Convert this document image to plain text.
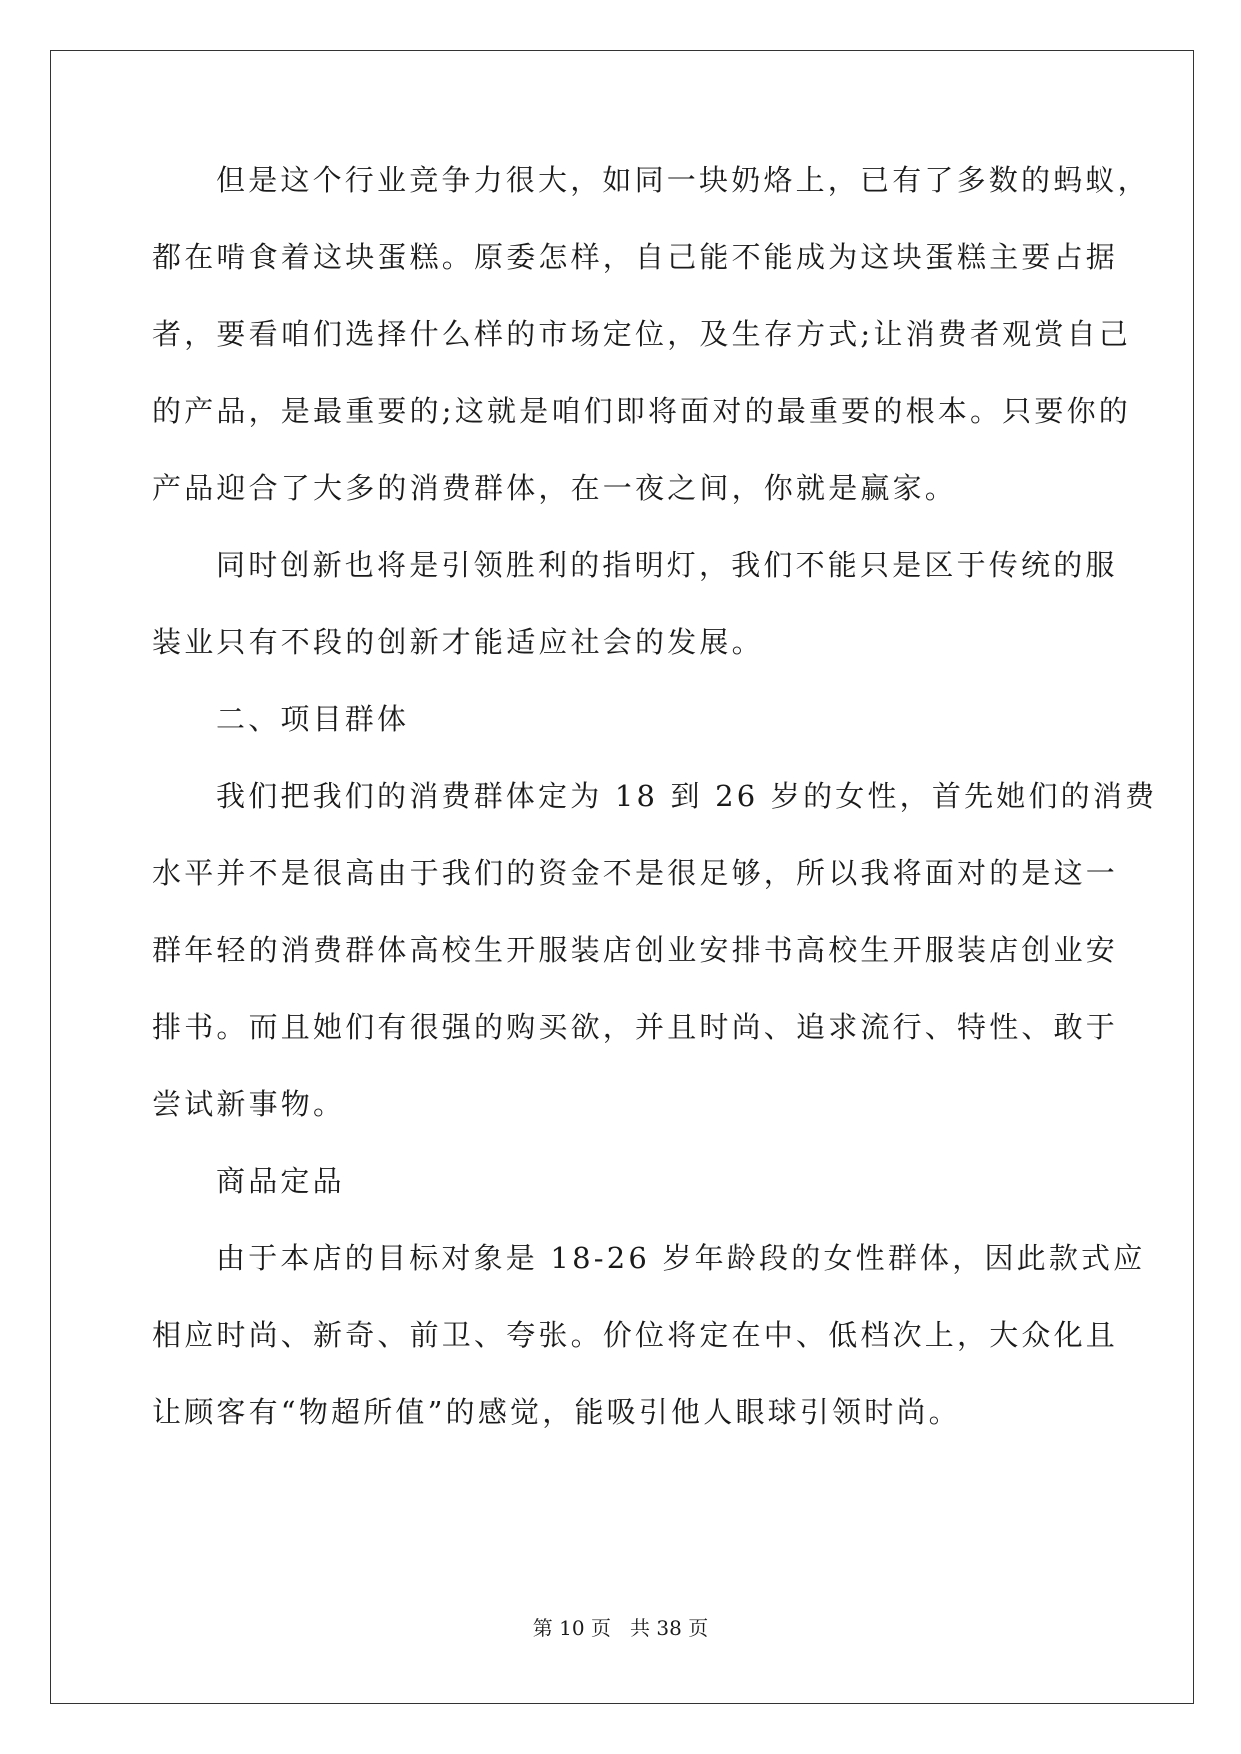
但是这个行业竞争力很大，如同一块奶烙上，已有了多数的蚂蚁，
都在啃食着这块蛋糕。原委怎样，自己能不能成为这块蛋糕主要占据
者，要看咱们选择什么样的市场定位，及生存方式;让消费者观赏自己
的产品，是最重要的;这就是咱们即将面对的最重要的根本。只要你的
产品迎合了大多的消费群体，在一夜之间，你就是赢家。
同时创新也将是引领胜利的指明灯，我们不能只是区于传统的服
装业只有不段的创新才能适应社会的发展。
二、项目群体
我们把我们的消费群体定为 18 到 26 岁的女性，首先她们的消费
水平并不是很高由于我们的资金不是很足够，所以我将面对的是这一
群年轻的消费群体高校生开服装店创业安排书高校生开服装店创业安
排书。而且她们有很强的购买欲，并且时尚、追求流行、特性、敢于
尝试新事物。
商品定品
由于本店的目标对象是 18-26 岁年龄段的女性群体，因此款式应
相应时尚、新奇、前卫、夸张。价位将定在中、低档次上，大众化且
让顾客有“物超所值”的感觉，能吸引他人眼球引领时尚。
第 10 页   共 38 页
